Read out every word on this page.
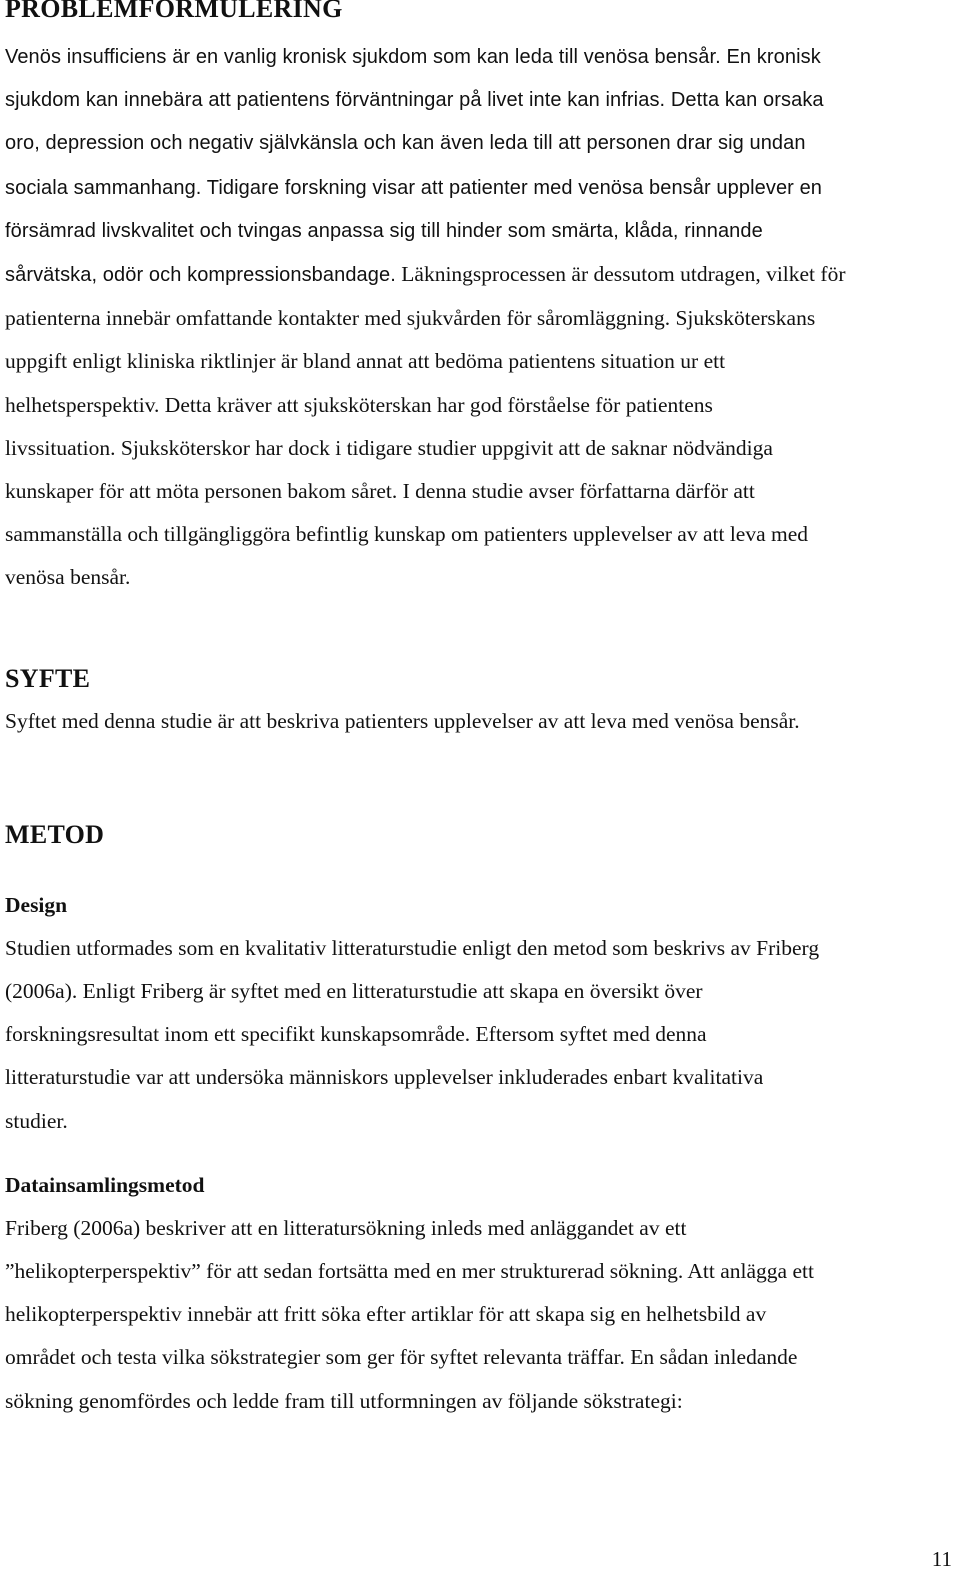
PROBLEMFORMULERING
Venös insufficiens är en vanlig kronisk sjukdom som kan leda till venösa bensår. En kronisk
sjukdom kan innebära att patientens förväntningar på livet inte kan infrias. Detta kan orsaka
oro, depression och negativ självkänsla och kan även leda till att personen drar sig undan
sociala sammanhang. Tidigare forskning visar att patienter med venösa bensår upplever en
försämrad livskvalitet och tvingas anpassa sig till hinder som smärta, klåda, rinnande
sårvätska, odör och kompressionsbandage. Läkningsprocessen är dessutom utdragen, vilket för
patienterna innebär omfattande kontakter med sjukvården för såromläggning. Sjuksköterskans
uppgift enligt kliniska riktlinjer är bland annat att bedöma patientens situation ur ett
helhetsperspektiv. Detta kräver att sjuksköterskan har god förståelse för patientens
livssituation. Sjuksköterskor har dock i tidigare studier uppgivit att de saknar nödvändiga
kunskaper för att möta personen bakom såret. I denna studie avser författarna därför att
sammanställa och tillgängliggöra befintlig kunskap om patienters upplevelser av att leva med
venösa bensår.
SYFTE
Syftet med denna studie är att beskriva patienters upplevelser av att leva med venösa bensår.
METOD
Design
Studien utformades som en kvalitativ litteraturstudie enligt den metod som beskrivs av Friberg
(2006a). Enligt Friberg är syftet med en litteraturstudie att skapa en översikt över
forskningsresultat inom ett specifikt kunskapsområde. Eftersom syftet med denna
litteraturstudie var att undersöka människors upplevelser inkluderades enbart kvalitativa
studier.
Datainsamlingsmetod
Friberg (2006a) beskriver att en litteratursökning inleds med anläggandet av ett
”helikopterperspektiv” för att sedan fortsätta med en mer strukturerad sökning. Att anlägga ett
helikopterperspektiv innebär att fritt söka efter artiklar för att skapa sig en helhetsbild av
området och testa vilka sökstrategier som ger för syftet relevanta träffar. En sådan inledande
sökning genomfördes och ledde fram till utformningen av följande sökstrategi:
11
